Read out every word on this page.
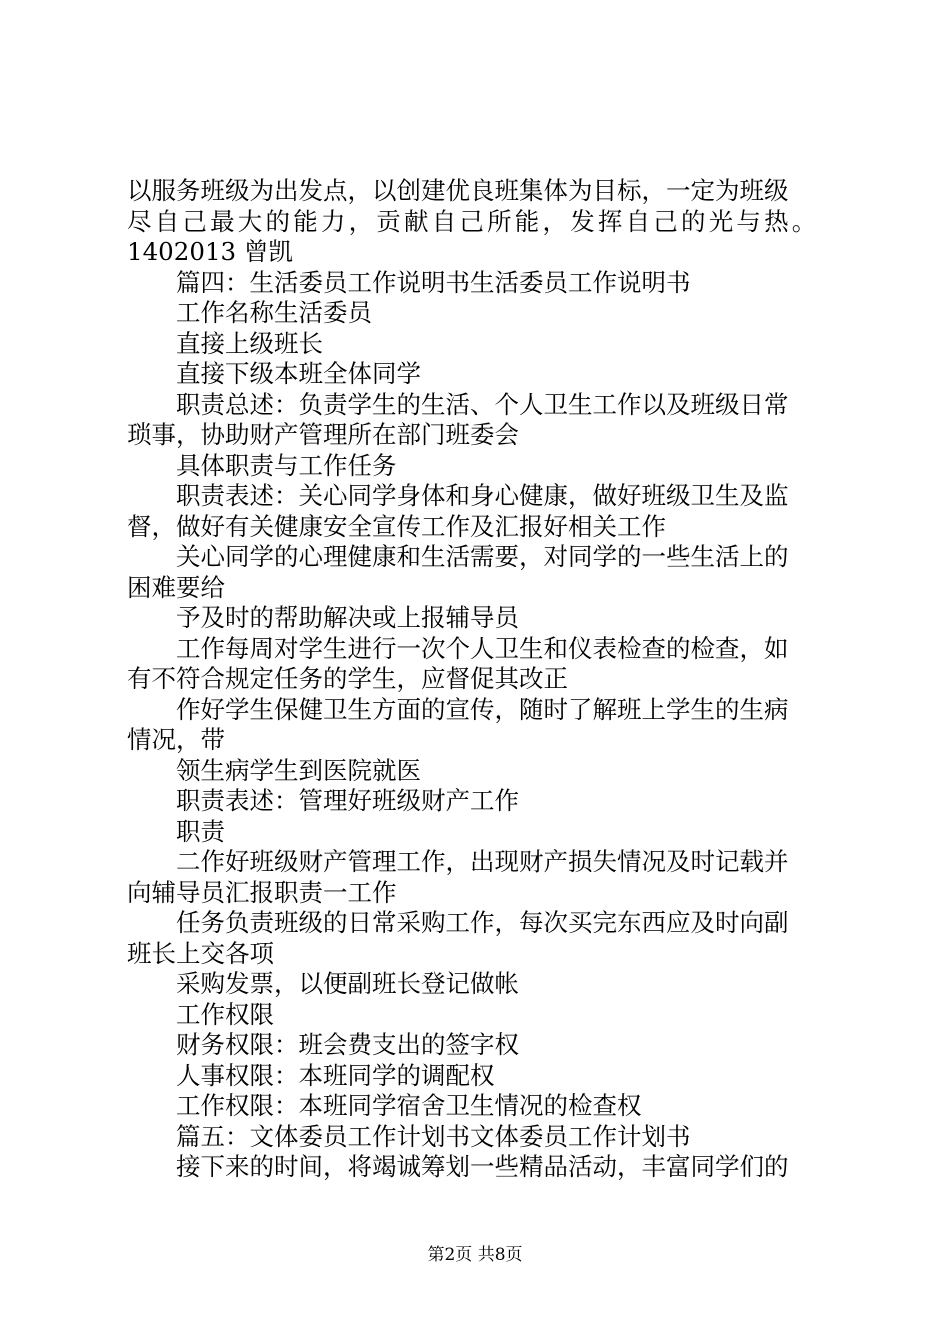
以服务班级为出发点，以创建优良班集体为目标，一定为班级
尽自己最大的能力，贡献自己所能，发挥自己的光与热。
1402013 曾凯
篇四：生活委员工作说明书生活委员工作说明书
工作名称生活委员
直接上级班长
直接下级本班全体同学
职责总述：负责学生的生活、个人卫生工作以及班级日常
琐事，协助财产管理所在部门班委会
具体职责与工作任务
职责表述：关心同学身体和身心健康，做好班级卫生及监
督，做好有关健康安全宣传工作及汇报好相关工作
关心同学的心理健康和生活需要，对同学的一些生活上的
困难要给
予及时的帮助解决或上报辅导员
工作每周对学生进行一次个人卫生和仪表检查的检查，如
有不符合规定任务的学生，应督促其改正
作好学生保健卫生方面的宣传，随时了解班上学生的生病
情况，带
领生病学生到医院就医
职责表述：管理好班级财产工作
职责
二作好班级财产管理工作，出现财产损失情况及时记载并
向辅导员汇报职责一工作
任务负责班级的日常采购工作，每次买完东西应及时向副
班长上交各项
采购发票，以便副班长登记做帐
工作权限
财务权限：班会费支出的签字权
人事权限：本班同学的调配权
工作权限：本班同学宿舍卫生情况的检查权
篇五：文体委员工作计划书文体委员工作计划书
接下来的时间，将竭诚筹划一些精品活动，丰富同学们的
第2页 共8页
